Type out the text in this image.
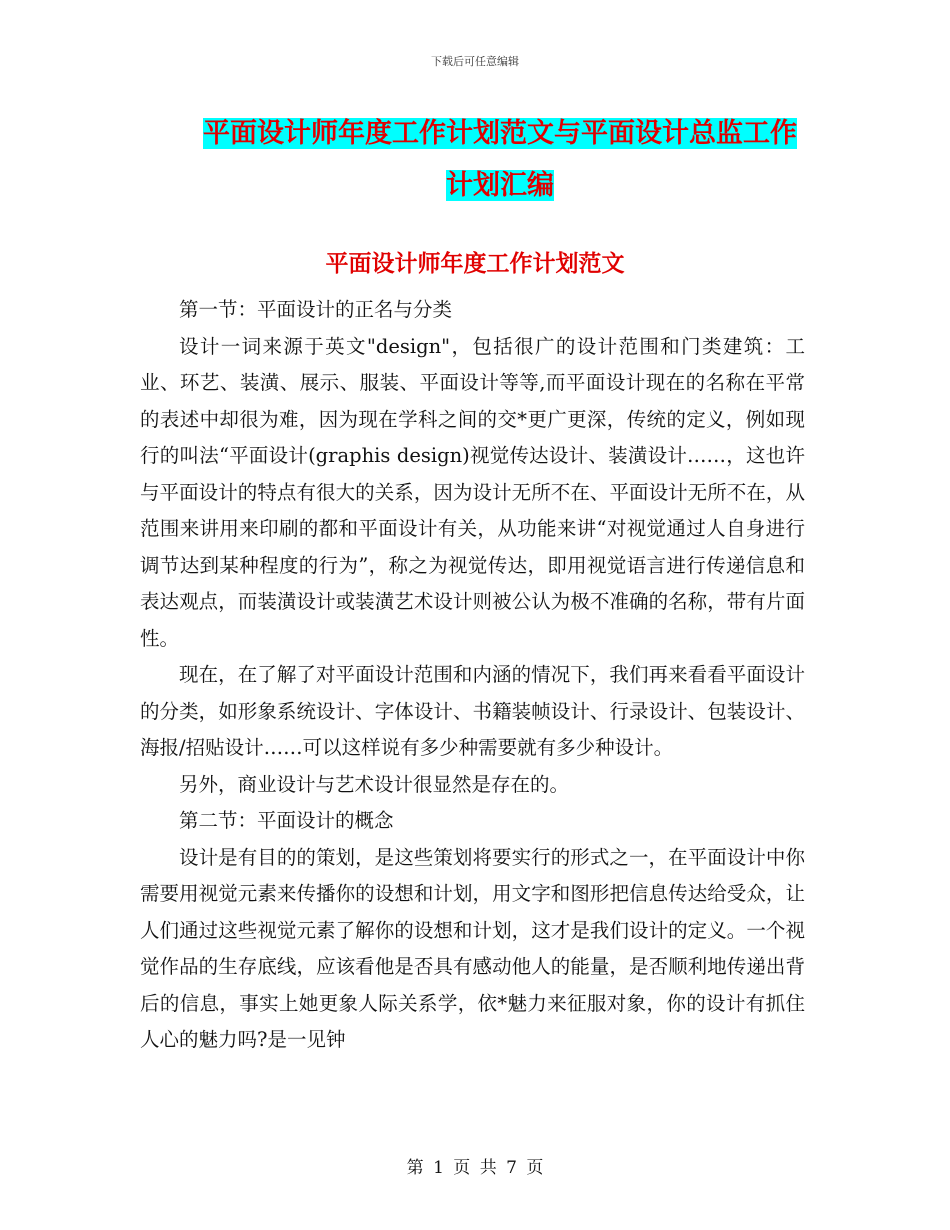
下载后可任意编辑
平面设计师年度工作计划范文与平面设计总监工作计划汇编
平面设计师年度工作计划范文

第一节：平面设计的正名与分类

设计一词来源于英文"design"，包括很广的设计范围和门类建筑：工业、环艺、装潢、展示、服装、平面设计等等,而平面设计现在的名称在平常的表述中却很为难，因为现在学科之间的交*更广更深，传统的定义，例如现行的叫法“平面设计(graphis design)视觉传达设计、装潢设计……，这也许与平面设计的特点有很大的关系，因为设计无所不在、平面设计无所不在，从范围来讲用来印刷的都和平面设计有关，从功能来讲“对视觉通过人自身进行调节达到某种程度的行为”，称之为视觉传达，即用视觉语言进行传递信息和表达观点，而装潢设计或装潢艺术设计则被公认为极不准确的名称，带有片面性。

现在，在了解了对平面设计范围和内涵的情况下，我们再来看看平面设计的分类，如形象系统设计、字体设计、书籍装帧设计、行录设计、包装设计、海报/招贴设计……可以这样说有多少种需要就有多少种设计。

另外，商业设计与艺术设计很显然是存在的。

第二节：平面设计的概念

设计是有目的的策划，是这些策划将要实行的形式之一，在平面设计中你需要用视觉元素来传播你的设想和计划，用文字和图形把信息传达给受众，让人们通过这些视觉元素了解你的设想和计划，这才是我们设计的定义。一个视觉作品的生存底线，应该看他是否具有感动他人的能量，是否顺利地传递出背后的信息，事实上她更象人际关系学，依*魅力来征服对象，你的设计有抓住人心的魅力吗?是一见钟

第 1 页 共 7 页
